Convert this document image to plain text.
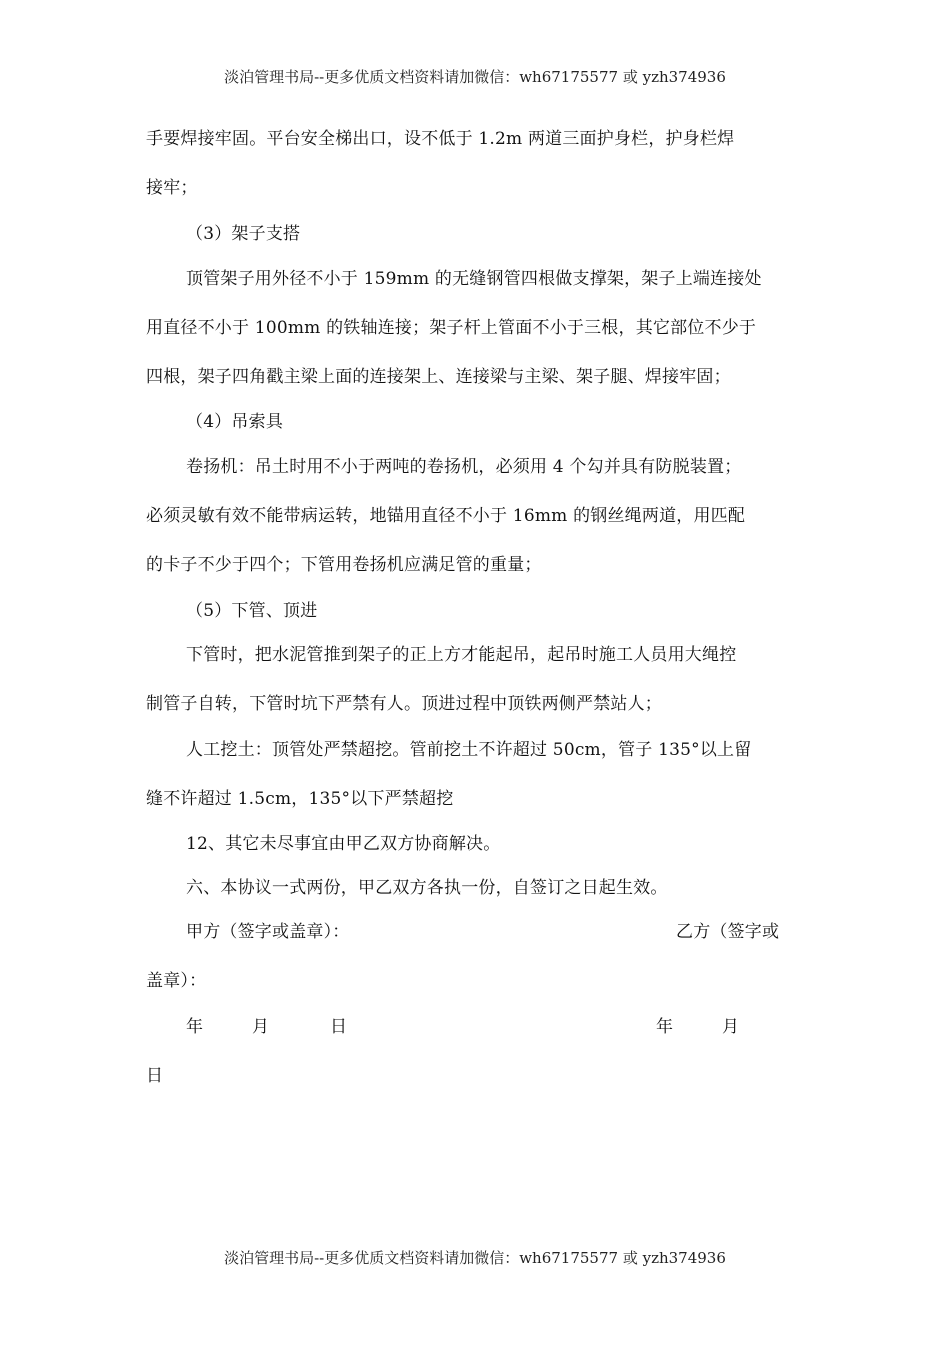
淡泊管理书局--更多优质文档资料请加微信：wh67175577 或 yzh374936
手要焊接牢固。平台安全梯出口，设不低于 1.2m 两道三面护身栏，护身栏焊
接牢；
（3）架子支搭
顶管架子用外径不小于 159mm 的无缝钢管四根做支撑架，架子上端连接处
用直径不小于 100mm 的铁轴连接；架子杆上管面不小于三根，其它部位不少于
四根，架子四角戳主梁上面的连接架上、连接梁与主梁、架子腿、焊接牢固；
（4）吊索具
卷扬机：吊土时用不小于两吨的卷扬机，必须用 4 个勾并具有防脱装置；
必须灵敏有效不能带病运转，地锚用直径不小于 16mm 的钢丝绳两道，用匹配
的卡子不少于四个；下管用卷扬机应满足管的重量；
（5）下管、顶进
下管时，把水泥管推到架子的正上方才能起吊，起吊时施工人员用大绳控
制管子自转，下管时坑下严禁有人。顶进过程中顶铁两侧严禁站人；
人工挖土：顶管处严禁超挖。管前挖土不许超过 50cm，管子 135°以上留
缝不许超过 1.5cm，135°以下严禁超挖
12、其它未尽事宜由甲乙双方协商解决。
六、本协议一式两份，甲乙双方各执一份，自签订之日起生效。
甲方（签字或盖章）：	乙方（签字或
盖章）：
年	月	日	年	月
日
淡泊管理书局--更多优质文档资料请加微信：wh67175577 或 yzh374936
